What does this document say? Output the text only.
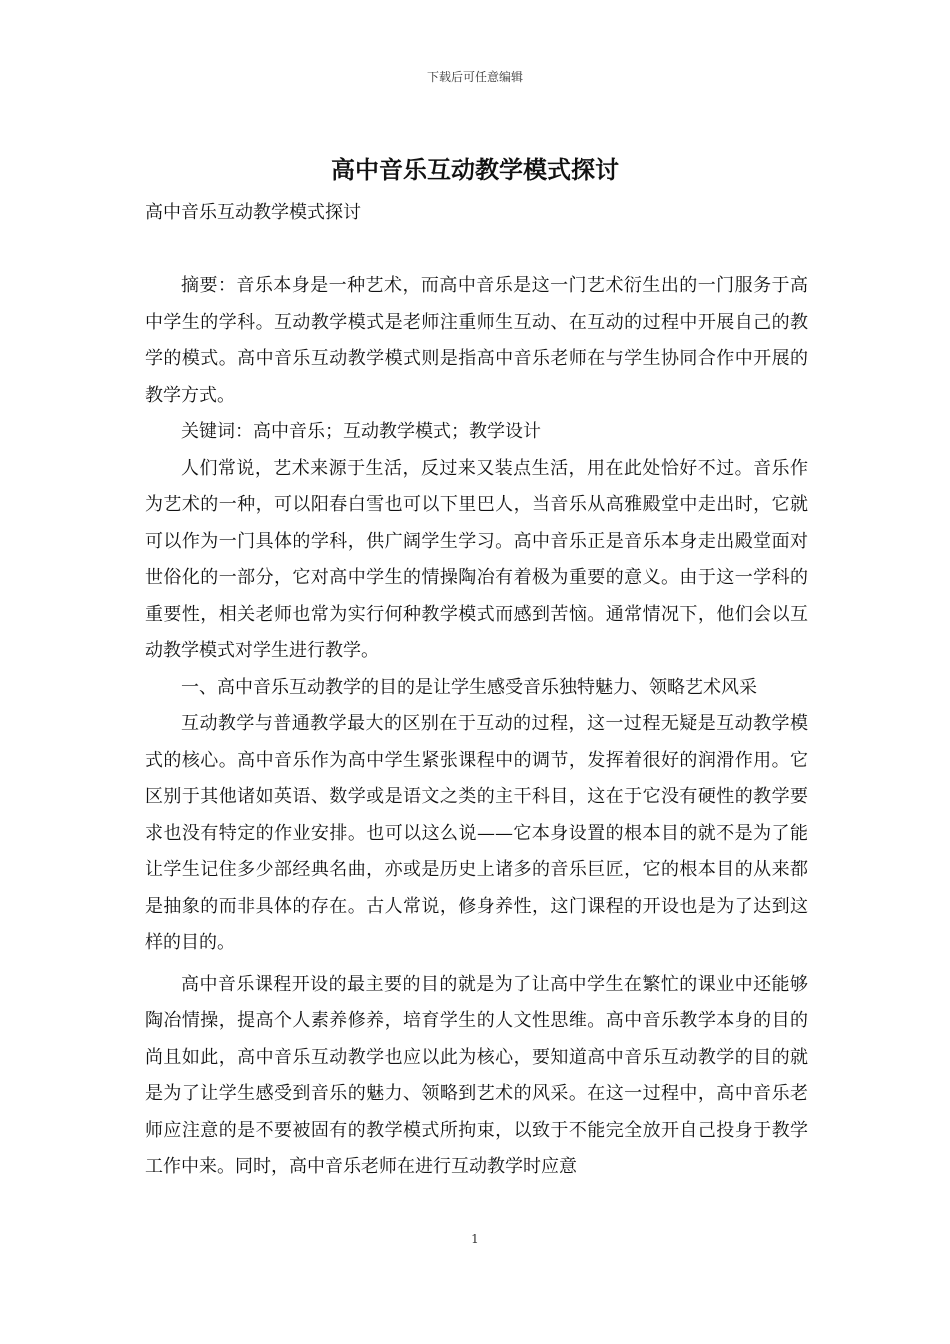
下载后可任意编辑
高中音乐互动教学模式探讨

高中音乐互动教学模式探讨

摘要：音乐本身是一种艺术，而高中音乐是这一门艺术衍生出的一门服务于高中学生的学科。互动教学模式是老师注重师生互动、在互动的过程中开展自己的教学的模式。高中音乐互动教学模式则是指高中音乐老师在与学生协同合作中开展的教学方式。

关键词：高中音乐；互动教学模式；教学设计

人们常说，艺术来源于生活，反过来又装点生活，用在此处恰好不过。音乐作为艺术的一种，可以阳春白雪也可以下里巴人，当音乐从高雅殿堂中走出时，它就可以作为一门具体的学科，供广阔学生学习。高中音乐正是音乐本身走出殿堂面对世俗化的一部分，它对高中学生的情操陶冶有着极为重要的意义。由于这一学科的重要性，相关老师也常为实行何种教学模式而感到苦恼。通常情况下，他们会以互动教学模式对学生进行教学。

一、高中音乐互动教学的目的是让学生感受音乐独特魅力、领略艺术风采

互动教学与普通教学最大的区别在于互动的过程，这一过程无疑是互动教学模式的核心。高中音乐作为高中学生紧张课程中的调节，发挥着很好的润滑作用。它区别于其他诸如英语、数学或是语文之类的主干科目，这在于它没有硬性的教学要求也没有特定的作业安排。也可以这么说——它本身设置的根本目的就不是为了能让学生记住多少部经典名曲，亦或是历史上诸多的音乐巨匠，它的根本目的从来都是抽象的而非具体的存在。古人常说，修身养性，这门课程的开设也是为了达到这样的目的。

高中音乐课程开设的最主要的目的就是为了让高中学生在繁忙的课业中还能够陶冶情操，提高个人素养修养，培育学生的人文性思维。高中音乐教学本身的目的尚且如此，高中音乐互动教学也应以此为核心，要知道高中音乐互动教学的目的就是为了让学生感受到音乐的魅力、领略到艺术的风采。在这一过程中，高中音乐老师应注意的是不要被固有的教学模式所拘束，以致于不能完全放开自己投身于教学工作中来。同时，高中音乐老师在进行互动教学时应意

1
